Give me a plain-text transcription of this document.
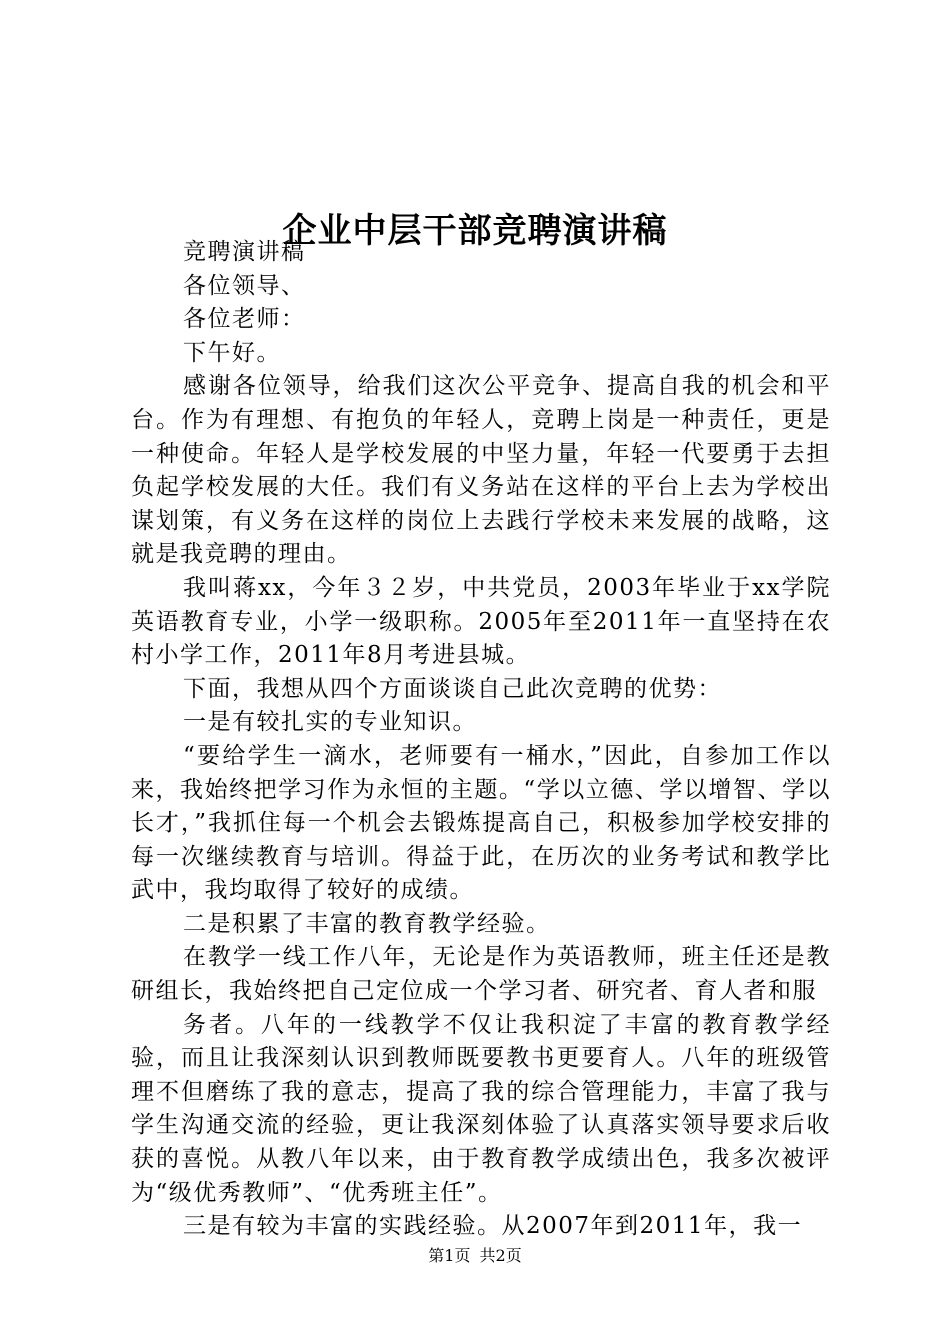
企业中层干部竞聘演讲稿

竞聘演讲稿

各位领导、

各位老师：

下午好。

感谢各位领导，给我们这次公平竞争、提高自我的机会和平台。作为有理想、有抱负的年轻人，竞聘上岗是一种责任，更是一种使命。年轻人是学校发展的中坚力量，年轻一代要勇于去担负起学校发展的大任。我们有义务站在这样的平台上去为学校出谋划策，有义务在这样的岗位上去践行学校未来发展的战略，这就是我竞聘的理由。

我叫蒋xx，今年３２岁，中共党员，2003年毕业于xx学院英语教育专业，小学一级职称。2005年至2011年一直坚持在农村小学工作，2011年8月考进县城。

下面，我想从四个方面谈谈自己此次竞聘的优势：

一是有较扎实的专业知识。

“要给学生一滴水，老师要有一桶水，”因此，自参加工作以来，我始终把学习作为永恒的主题。“学以立德、学以增智、学以长才，”我抓住每一个机会去锻炼提高自己，积极参加学校安排的每一次继续教育与培训。得益于此，在历次的业务考试和教学比武中，我均取得了较好的成绩。

二是积累了丰富的教育教学经验。

在教学一线工作八年，无论是作为英语教师，班主任还是教研组长，我始终把自己定位成一个学习者、研究者、育人者和服

务者。八年的一线教学不仅让我积淀了丰富的教育教学经验，而且让我深刻认识到教师既要教书更要育人。八年的班级管理不但磨练了我的意志，提高了我的综合管理能力，丰富了我与学生沟通交流的经验，更让我深刻体验了认真落实领导要求后收获的喜悦。从教八年以来，由于教育教学成绩出色，我多次被评为“级优秀教师”、“优秀班主任”。

三是有较为丰富的实践经验。从2007年到2011年，我一

第1页 共2页
